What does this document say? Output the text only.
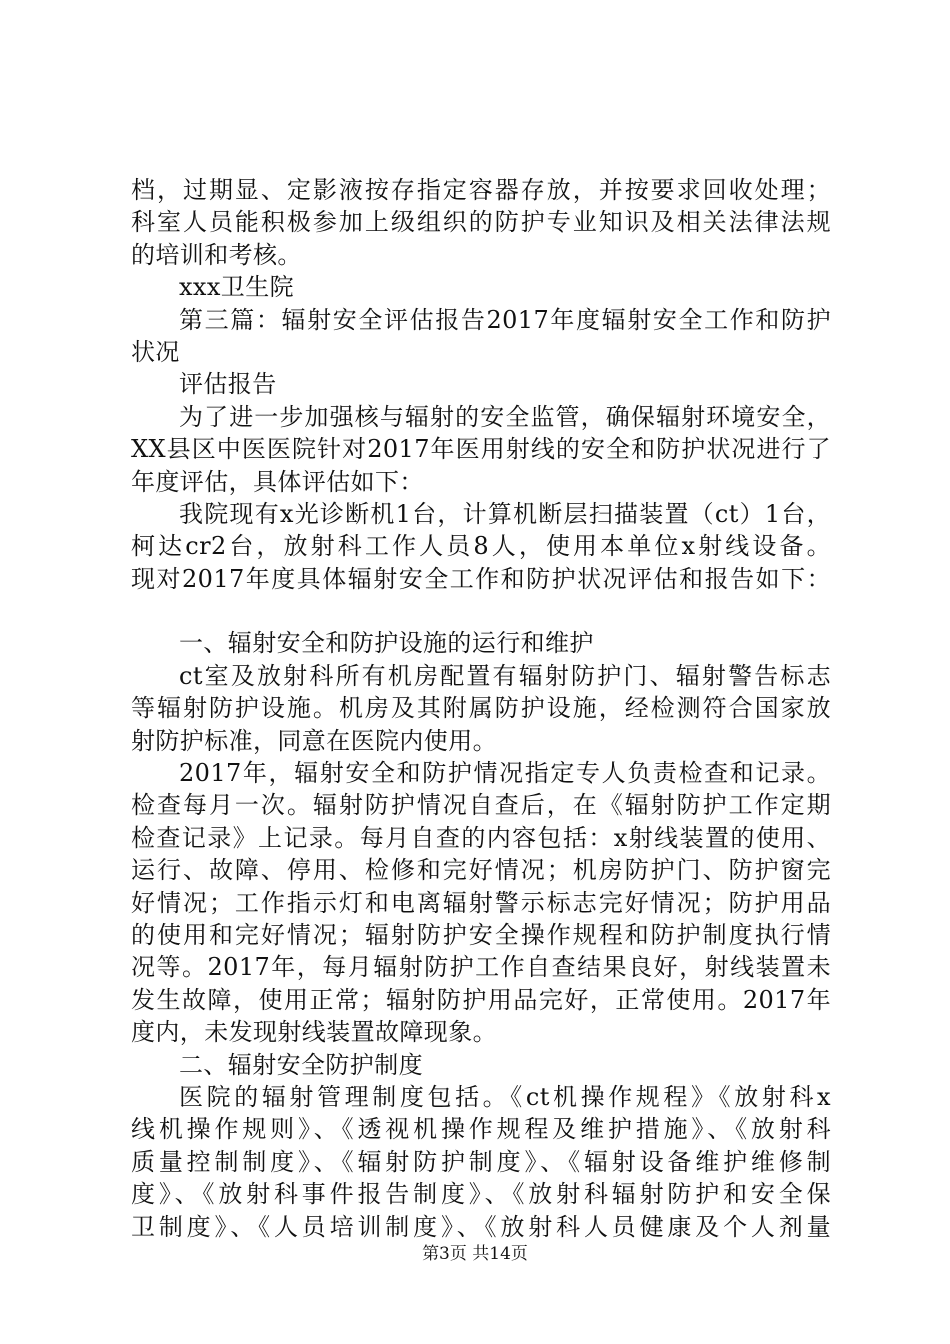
档，过期显、定影液按存指定容器存放，并按要求回收处理；
科室人员能积极参加上级组织的防护专业知识及相关法律法规
的培训和考核。
xxx卫生院
第三篇：辐射安全评估报告2017年度辐射安全工作和防护
状况
评估报告
为了进一步加强核与辐射的安全监管，确保辐射环境安全，
XX县区中医医院针对2017年医用射线的安全和防护状况进行了
年度评估，具体评估如下：
我院现有x光诊断机1台，计算机断层扫描装置（ct）1台，
柯达cr2台，放射科工作人员8人，使用本单位x射线设备。
现对2017年度具体辐射安全工作和防护状况评估和报告如下：
一、辐射安全和防护设施的运行和维护
ct室及放射科所有机房配置有辐射防护门、辐射警告标志
等辐射防护设施。机房及其附属防护设施，经检测符合国家放
射防护标准，同意在医院内使用。
2017年，辐射安全和防护情况指定专人负责检查和记录。
检查每月一次。辐射防护情况自查后，在《辐射防护工作定期
检查记录》上记录。每月自查的内容包括：x射线装置的使用、
运行、故障、停用、检修和完好情况；机房防护门、防护窗完
好情况；工作指示灯和电离辐射警示标志完好情况；防护用品
的使用和完好情况；辐射防护安全操作规程和防护制度执行情
况等。2017年，每月辐射防护工作自查结果良好，射线装置未
发生故障，使用正常；辐射防护用品完好，正常使用。2017年
度内，未发现射线装置故障现象。
二、辐射安全防护制度
医院的辐射管理制度包括。《ct机操作规程》《放射科x
线机操作规则》、《透视机操作规程及维护措施》、《放射科
质量控制制度》、《辐射防护制度》、《辐射设备维护维修制
度》、《放射科事件报告制度》、《放射科辐射防护和安全保
卫制度》、《人员培训制度》、《放射科人员健康及个人剂量
第3页 共14页
